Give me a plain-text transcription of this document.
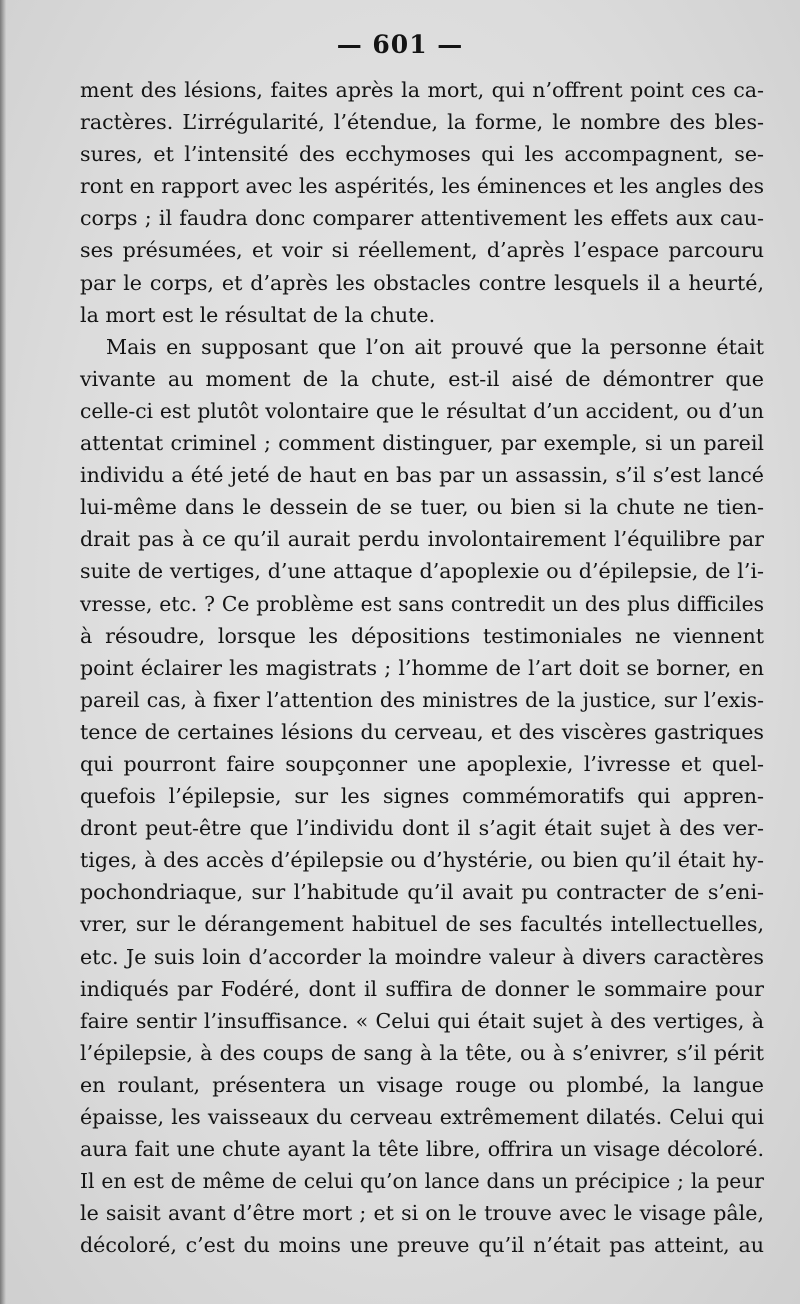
— 601 —
ment des lésions, faites après la mort, qui n’offrent point ces ca-
ractères. L’irrégularité, l’étendue, la forme, le nombre des bles-
sures, et l’intensité des ecchymoses qui les accompagnent, se-
ront en rapport avec les aspérités, les éminences et les angles des
corps ; il faudra donc comparer attentivement les effets aux cau-
ses présumées, et voir si réellement, d’après l’espace parcouru
par le corps, et d’après les obstacles contre lesquels il a heurté,
la mort est le résultat de la chute.
Mais en supposant que l’on ait prouvé que la personne était
vivante au moment de la chute, est-il aisé de démontrer que
celle-ci est plutôt volontaire que le résultat d’un accident, ou d’un
attentat criminel ; comment distinguer, par exemple, si un pareil
individu a été jeté de haut en bas par un assassin, s’il s’est lancé
lui-même dans le dessein de se tuer, ou bien si la chute ne tien-
drait pas à ce qu’il aurait perdu involontairement l’équilibre par
suite de vertiges, d’une attaque d’apoplexie ou d’épilepsie, de l’i-
vresse, etc. ? Ce problème est sans contredit un des plus difficiles
à résoudre, lorsque les dépositions testimoniales ne viennent
point éclairer les magistrats ; l’homme de l’art doit se borner, en
pareil cas, à fixer l’attention des ministres de la justice, sur l’exis-
tence de certaines lésions du cerveau, et des viscères gastriques
qui pourront faire soupçonner une apoplexie, l’ivresse et quel-
quefois l’épilepsie, sur les signes commémoratifs qui appren-
dront peut-être que l’individu dont il s’agit était sujet à des ver-
tiges, à des accès d’épilepsie ou d’hystérie, ou bien qu’il était hy-
pochondriaque, sur l’habitude qu’il avait pu contracter de s’eni-
vrer, sur le dérangement habituel de ses facultés intellectuelles,
etc. Je suis loin d’accorder la moindre valeur à divers caractères
indiqués par Fodéré, dont il suffira de donner le sommaire pour
faire sentir l’insuffisance. « Celui qui était sujet à des vertiges, à
l’épilepsie, à des coups de sang à la tête, ou à s’enivrer, s’il périt
en roulant, présentera un visage rouge ou plombé, la langue
épaisse, les vaisseaux du cerveau extrêmement dilatés. Celui qui
aura fait une chute ayant la tête libre, offrira un visage décoloré.
Il en est de même de celui qu’on lance dans un précipice ; la peur
le saisit avant d’être mort ; et si on le trouve avec le visage pâle,
décoloré, c’est du moins une preuve qu’il n’était pas atteint, au
